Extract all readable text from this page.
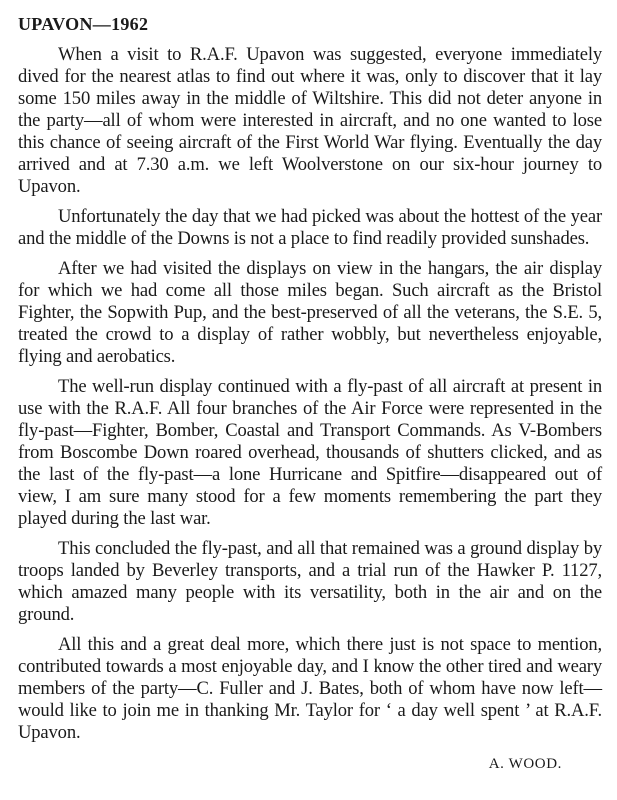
UPAVON—1962

When a visit to R.A.F. Upavon was suggested, everyone immediately dived for the nearest atlas to find out where it was, only to discover that it lay some 150 miles away in the middle of Wiltshire. This did not deter anyone in the party—all of whom were interested in aircraft, and no one wanted to lose this chance of seeing aircraft of the First World War flying. Eventually the day arrived and at 7.30 a.m. we left Woolverstone on our six-hour journey to Upavon.

Unfortunately the day that we had picked was about the hottest of the year and the middle of the Downs is not a place to find readily provided sunshades.

After we had visited the displays on view in the hangars, the air display for which we had come all those miles began. Such aircraft as the Bristol Fighter, the Sopwith Pup, and the best-preserved of all the veterans, the S.E. 5, treated the crowd to a display of rather wobbly, but nevertheless enjoyable, flying and aerobatics.

The well-run display continued with a fly-past of all aircraft at present in use with the R.A.F. All four branches of the Air Force were represented in the fly-past—Fighter, Bomber, Coastal and Transport Commands. As V-Bombers from Boscombe Down roared overhead, thousands of shutters clicked, and as the last of the fly-past—a lone Hurricane and Spitfire—disappeared out of view, I am sure many stood for a few moments remembering the part they played during the last war.

This concluded the fly-past, and all that remained was a ground display by troops landed by Beverley transports, and a trial run of the Hawker P. 1127, which amazed many people with its versatility, both in the air and on the ground.

All this and a great deal more, which there just is not space to mention, contributed towards a most enjoyable day, and I know the other tired and weary members of the party—C. Fuller and J. Bates, both of whom have now left—would like to join me in thanking Mr. Taylor for ‘ a day well spent ’ at R.A.F. Upavon.

A. WOOD.
